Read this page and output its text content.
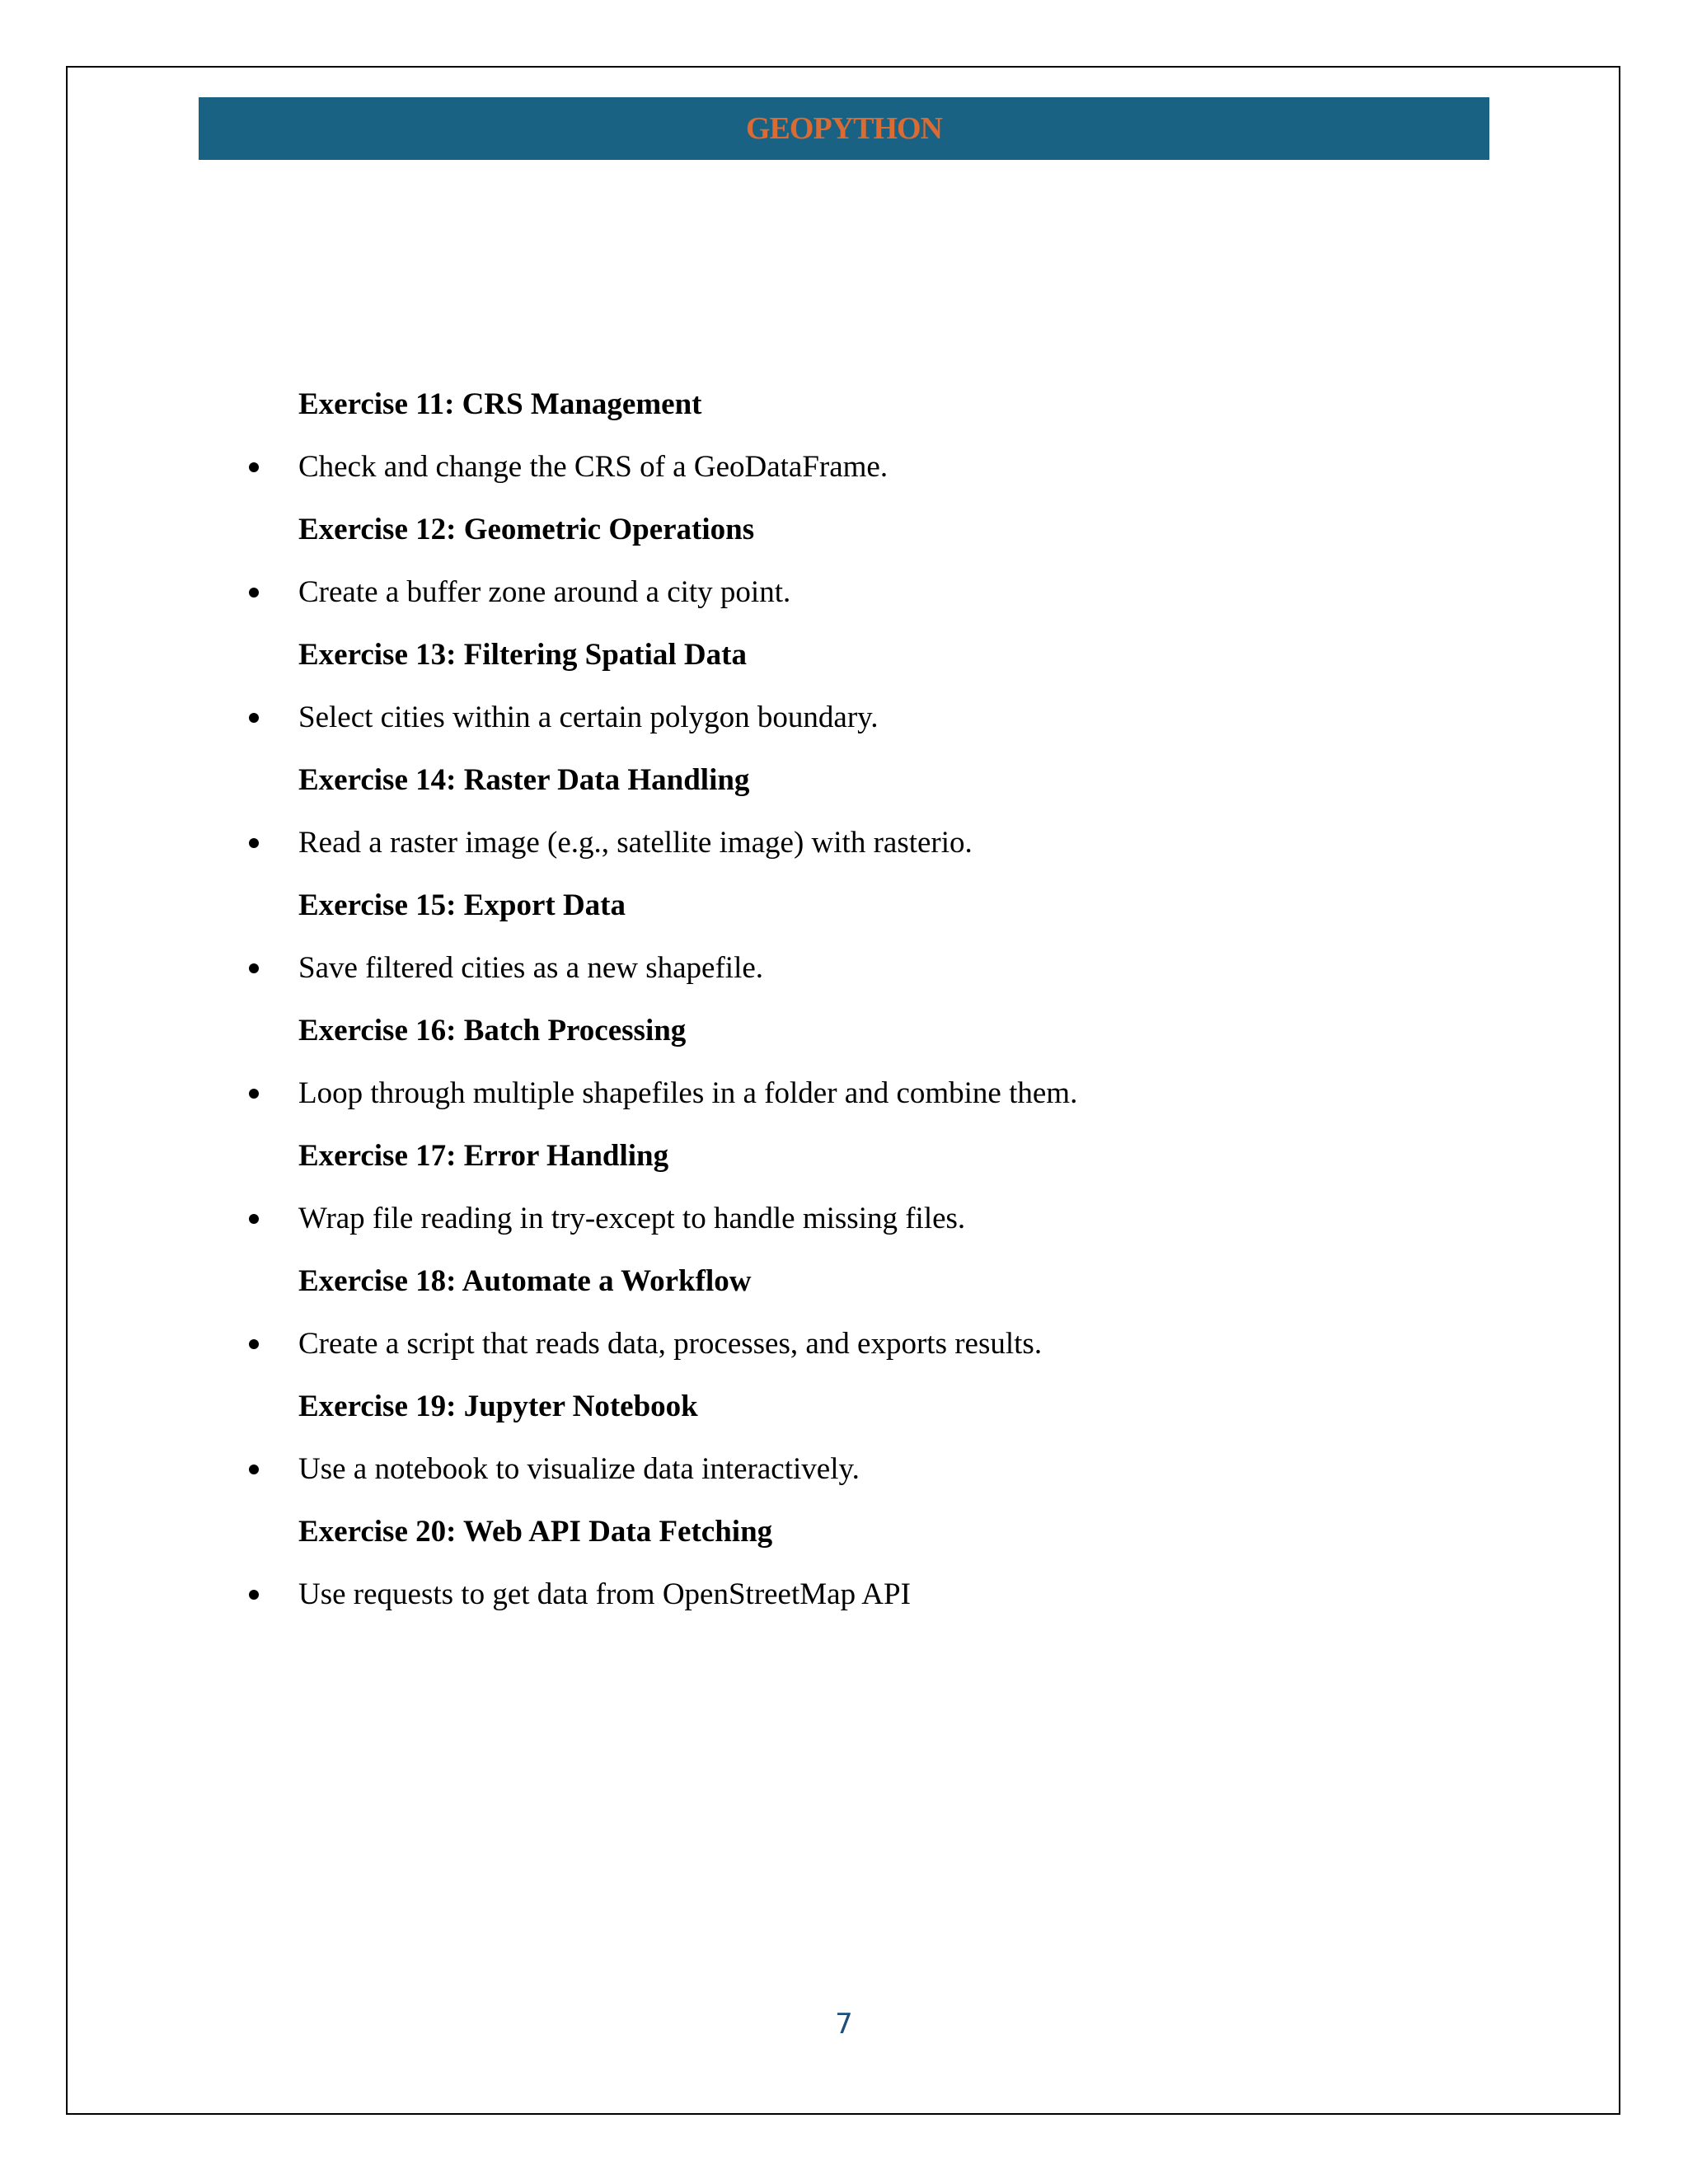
GEOPYTHON
Exercise 11: CRS Management
Check and change the CRS of a GeoDataFrame.
Exercise 12: Geometric Operations
Create a buffer zone around a city point.
Exercise 13: Filtering Spatial Data
Select cities within a certain polygon boundary.
Exercise 14: Raster Data Handling
Read a raster image (e.g., satellite image) with rasterio.
Exercise 15: Export Data
Save filtered cities as a new shapefile.
Exercise 16: Batch Processing
Loop through multiple shapefiles in a folder and combine them.
Exercise 17: Error Handling
Wrap file reading in try-except to handle missing files.
Exercise 18: Automate a Workflow
Create a script that reads data, processes, and exports results.
Exercise 19: Jupyter Notebook
Use a notebook to visualize data interactively.
Exercise 20: Web API Data Fetching
Use requests to get data from OpenStreetMap API
7
